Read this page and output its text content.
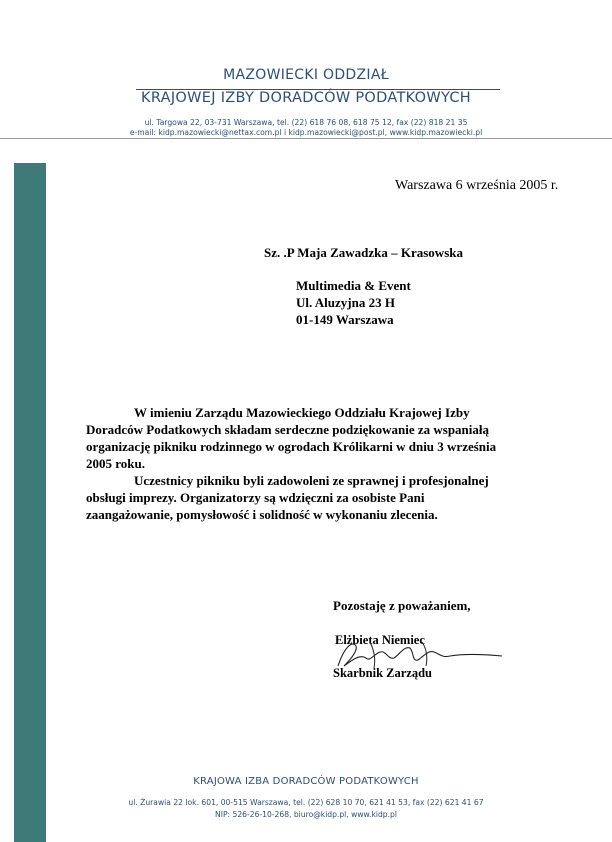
MAZOWIECKI ODDZIAŁ
KRAJOWEJ IZBY DORADCÓW PODATKOWYCH
ul. Targowa 22, 03-731 Warszawa, tel. (22) 618 76 08, 618 75 12, fax (22) 818 21 35
e-mail: kidp.mazowiecki@nettax.com.pl i kidp.mazowiecki@post.pl, www.kidp.mazowiecki.pl
Warszawa 6 września 2005 r.
Sz. .P Maja Zawadzka – Krasowska
Multimedia & Event
Ul. Aluzyjna 23 H
01-149 Warszawa

W imieniu Zarządu Mazowieckiego Oddziału Krajowej Izby Doradców Podatkowych składam serdeczne podziękowanie za wspaniałą organizację pikniku rodzinnego w ogrodach Królikarni w dniu 3 września 2005 roku.

Uczestnicy pikniku byli zadowoleni ze sprawnej i profesjonalnej obsługi imprezy. Organizatorzy są wdzięczni za osobiste Pani zaangażowanie, pomysłowość i solidność w wykonaniu zlecenia.

Pozostaję z poważaniem,
Elżbieta Niemiec
Skarbnik Zarządu
KRAJOWA IZBA DORADCÓW PODATKOWYCH
ul. Żurawia 22 lok. 601, 00-515 Warszawa, tel. (22) 628 10 70, 621 41 53, fax (22) 621 41 67
NIP: 526-26-10-268, biuro@kidp.pl, www.kidp.pl
